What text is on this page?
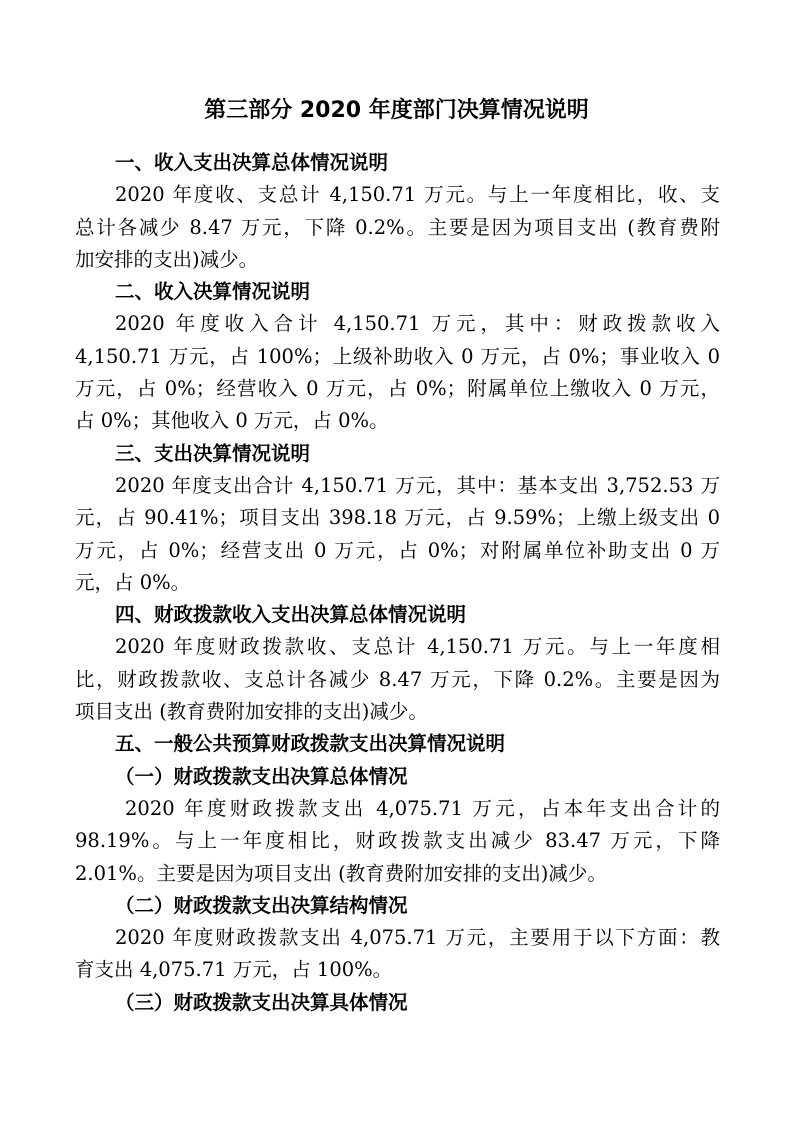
第三部分 2020 年度部门决算情况说明
一、收入支出决算总体情况说明
2020 年度收、支总计 4,150.71 万元。与上一年度相比，收、支
总计各减少 8.47 万元，下降 0.2%。主要是因为项目支出 (教育费附
加安排的支出)减少。
二、收入决算情况说明
2020 年度收入合计 4,150.71 万元，其中：财政拨款收入
4,150.71 万元，占 100%；上级补助收入 0 万元，占 0%；事业收入 0
万元，占 0%；经营收入 0 万元，占 0%；附属单位上缴收入 0 万元，
占 0%；其他收入 0 万元，占 0%。
三、支出决算情况说明
2020 年度支出合计 4,150.71 万元，其中：基本支出 3,752.53 万
元，占 90.41%；项目支出 398.18 万元，占 9.59%；上缴上级支出 0
万元，占 0%；经营支出 0 万元，占 0%；对附属单位补助支出 0 万
元，占 0%。
四、财政拨款收入支出决算总体情况说明
2020 年度财政拨款收、支总计 4,150.71 万元。与上一年度相
比，财政拨款收、支总计各减少 8.47 万元，下降 0.2%。主要是因为
项目支出 (教育费附加安排的支出)减少。
五、一般公共预算财政拨款支出决算情况说明
（一）财政拨款支出决算总体情况
2020 年度财政拨款支出 4,075.71 万元，占本年支出合计的
98.19%。与上一年度相比，财政拨款支出减少 83.47 万元，下降
2.01%。主要是因为项目支出 (教育费附加安排的支出)减少。
（二）财政拨款支出决算结构情况
2020 年度财政拨款支出 4,075.71 万元，主要用于以下方面：教
育支出 4,075.71 万元，占 100%。
（三）财政拨款支出决算具体情况
